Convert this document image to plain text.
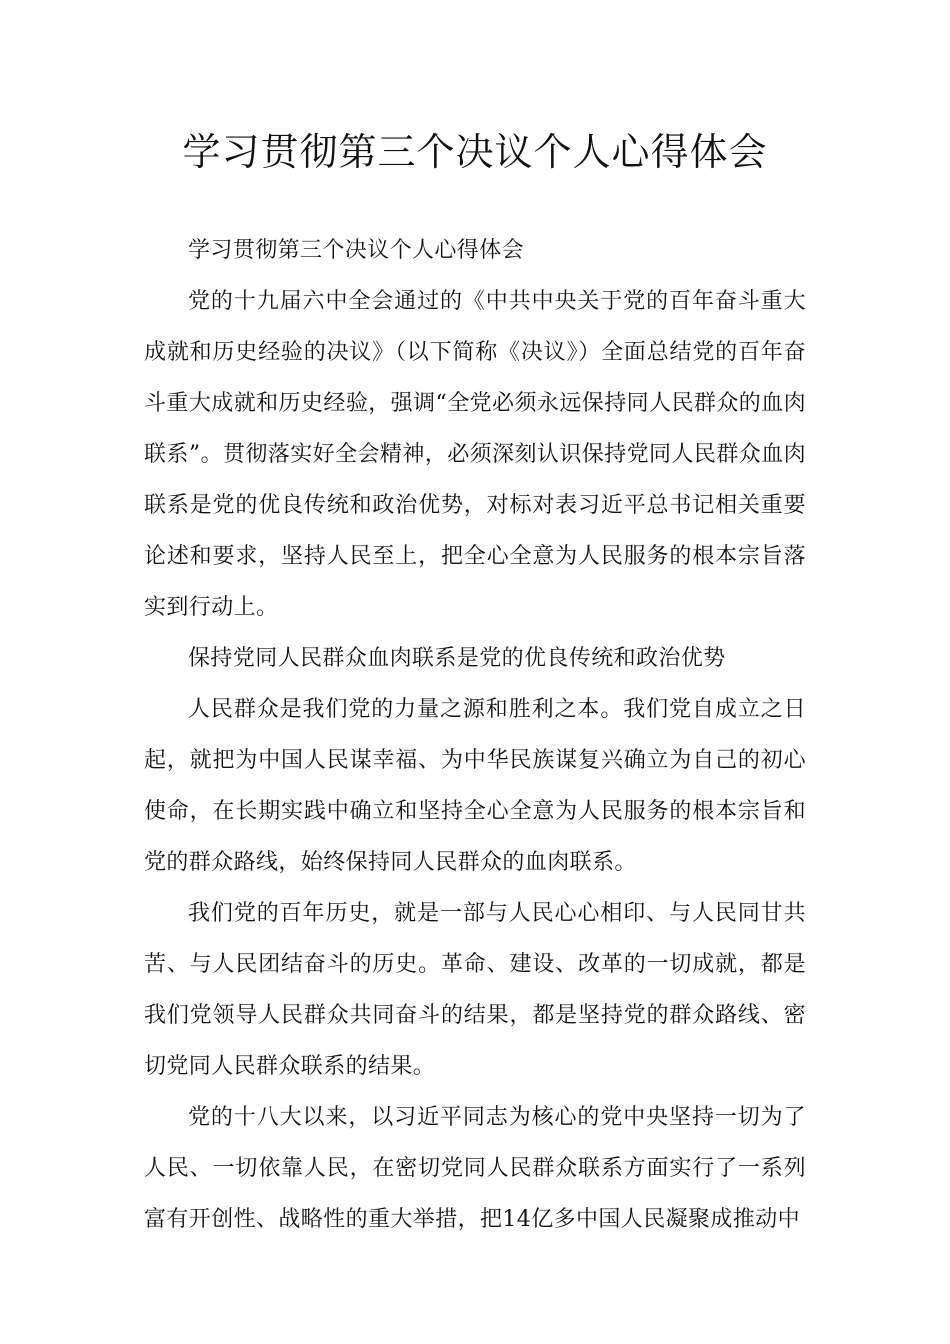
学习贯彻第三个决议个人心得体会

学习贯彻第三个决议个人心得体会

党的十九届六中全会通过的《中共中央关于党的百年奋斗重大成就和历史经验的决议》（以下简称《决议》）全面总结党的百年奋斗重大成就和历史经验，强调“全党必须永远保持同人民群众的血肉联系”。贯彻落实好全会精神，必须深刻认识保持党同人民群众血肉联系是党的优良传统和政治优势，对标对表习近平总书记相关重要论述和要求，坚持人民至上，把全心全意为人民服务的根本宗旨落实到行动上。

保持党同人民群众血肉联系是党的优良传统和政治优势

人民群众是我们党的力量之源和胜利之本。我们党自成立之日起，就把为中国人民谋幸福、为中华民族谋复兴确立为自己的初心使命，在长期实践中确立和坚持全心全意为人民服务的根本宗旨和党的群众路线，始终保持同人民群众的血肉联系。

我们党的百年历史，就是一部与人民心心相印、与人民同甘共苦、与人民团结奋斗的历史。革命、建设、改革的一切成就，都是我们党领导人民群众共同奋斗的结果，都是坚持党的群众路线、密切党同人民群众联系的结果。

党的十八大以来，以习近平同志为核心的党中央坚持一切为了人民、一切依靠人民，在密切党同人民群众联系方面实行了一系列富有开创性、战略性的重大举措，把14亿多中国人民凝聚成推动中
